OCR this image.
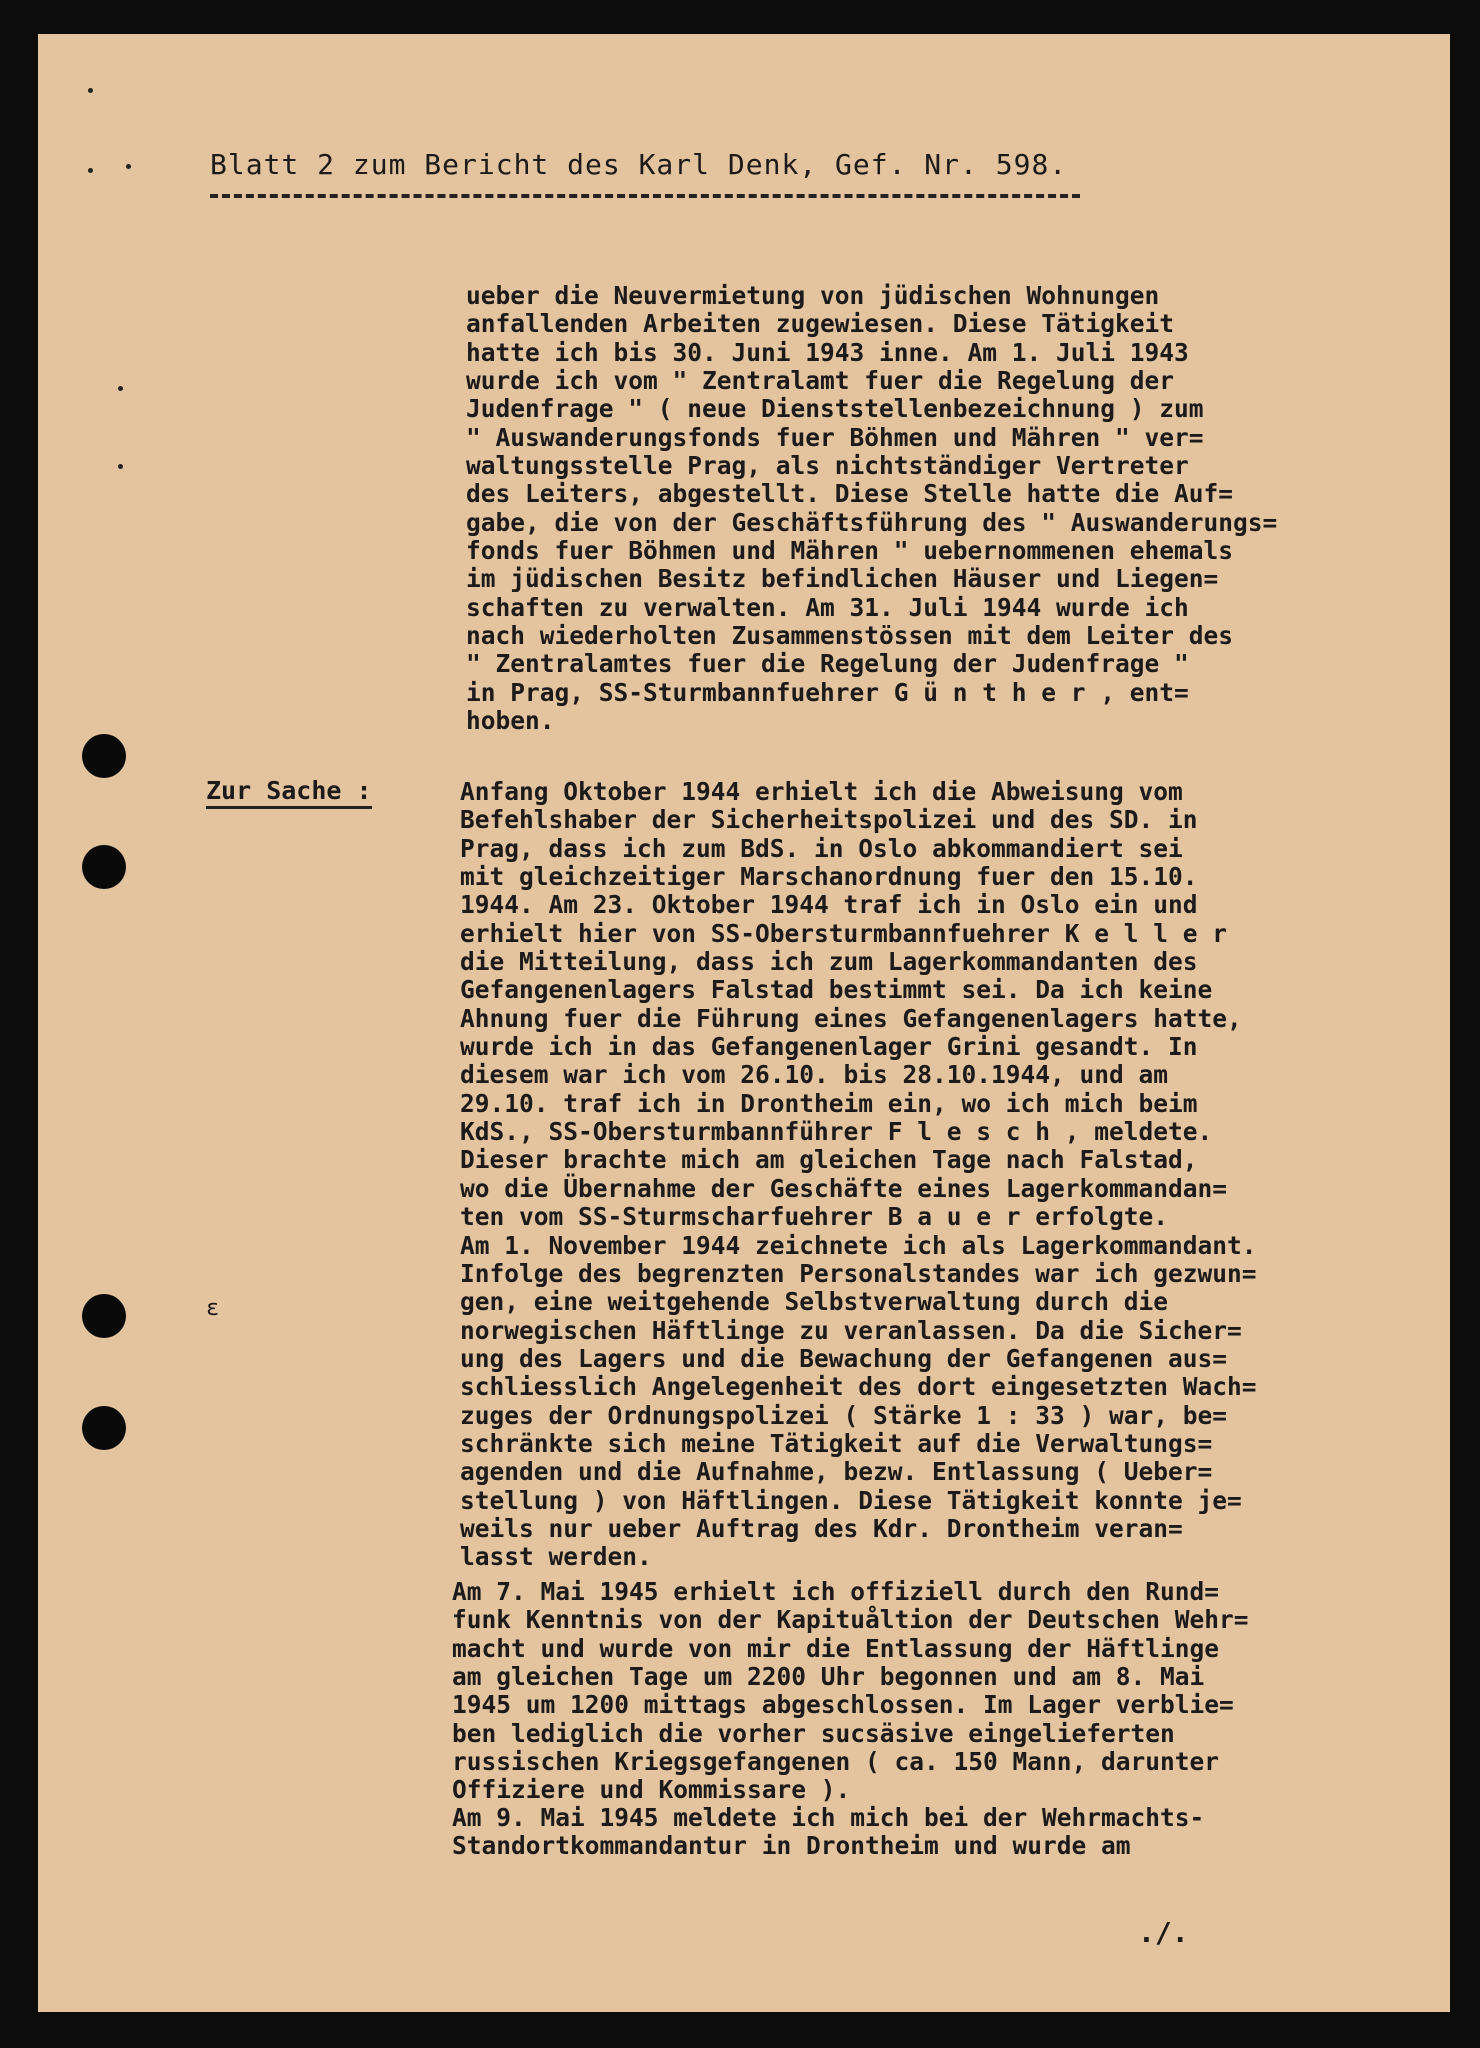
Blatt 2 zum Bericht des Karl Denk, Gef. Nr. 598.
ueber die Neuvermietung von jüdischen Wohnungen
anfallenden Arbeiten zugewiesen. Diese Tätigkeit
hatte ich bis 30. Juni 1943 inne. Am 1. Juli 1943
wurde ich vom " Zentralamt fuer die Regelung der
Judenfrage " ( neue Dienststellenbezeichnung ) zum
" Auswanderungsfonds fuer Böhmen und Mähren " ver=
waltungsstelle Prag, als nichtständiger Vertreter
des Leiters, abgestellt. Diese Stelle hatte die Auf=
gabe, die von der Geschäftsführung des " Auswanderungs=
fonds fuer Böhmen und Mähren " uebernommenen ehemals
im jüdischen Besitz befindlichen Häuser und Liegen=
schaften zu verwalten. Am 31. Juli 1944 wurde ich
nach wiederholten Zusammenstössen mit dem Leiter des
" Zentralamtes fuer die Regelung der Judenfrage "
in Prag, SS-Sturmbannfuehrer G ü n t h e r , ent=
hoben.
Zur Sache :	Anfang Oktober 1944 erhielt ich die Abweisung vom
Befehlshaber der Sicherheitspolizei und des SD. in
Prag, dass ich zum BdS. in Oslo abkommandiert sei
mit gleichzeitiger Marschanordnung fuer den 15.10.
1944. Am 23. Oktober 1944 traf ich in Oslo ein und
erhielt hier von SS-Obersturmbannfuehrer K e l l e r
die Mitteilung, dass ich zum Lagerkommandanten des
Gefangenenlagers Falstad bestimmt sei. Da ich keine
Ahnung fuer die Führung eines Gefangenenlagers hatte,
wurde ich in das Gefangenenlager Grini gesandt. In
diesem war ich vom 26.10. bis 28.10.1944, und am
29.10. traf ich in Drontheim ein, wo ich mich beim
KdS., SS-Obersturmbannführer F l e s c h , meldete.
Dieser brachte mich am gleichen Tage nach Falstad,
wo die Übernahme der Geschäfte eines Lagerkommandan=
ten vom SS-Sturmscharfuehrer B a u e r erfolgte.
Am 1. November 1944 zeichnete ich als Lagerkommandant.
Infolge des begrenzten Personalstandes war ich gezwun=
gen, eine weitgehende Selbstverwaltung durch die
norwegischen Häftlinge zu veranlassen. Da die Sicher=
ung des Lagers und die Bewachung der Gefangenen aus=
schliesslich Angelegenheit des dort eingesetzten Wach=
zuges der Ordnungspolizei ( Stärke 1 : 33 ) war, be=
schränkte sich meine Tätigkeit auf die Verwaltungs=
agenden und die Aufnahme, bezw. Entlassung ( Ueber=
stellung ) von Häftlingen. Diese Tätigkeit konnte je=
weils nur ueber Auftrag des Kdr. Drontheim veran=
lasst werden.
ɛ
Am 7. Mai 1945 erhielt ich offiziell durch den Rund=
funk Kenntnis von der Kapituåltion der Deutschen Wehr=
macht und wurde von mir die Entlassung der Häftlinge
am gleichen Tage um 2200 Uhr begonnen und am 8. Mai
1945 um 1200 mittags abgeschlossen. Im Lager verblie=
ben lediglich die vorher sucsäsive eingelieferten
russischen Kriegsgefangenen ( ca. 150 Mann, darunter
Offiziere und Kommissare ).
Am 9. Mai 1945 meldete ich mich bei der Wehrmachts-
Standortkommandantur in Drontheim und wurde am
./.
